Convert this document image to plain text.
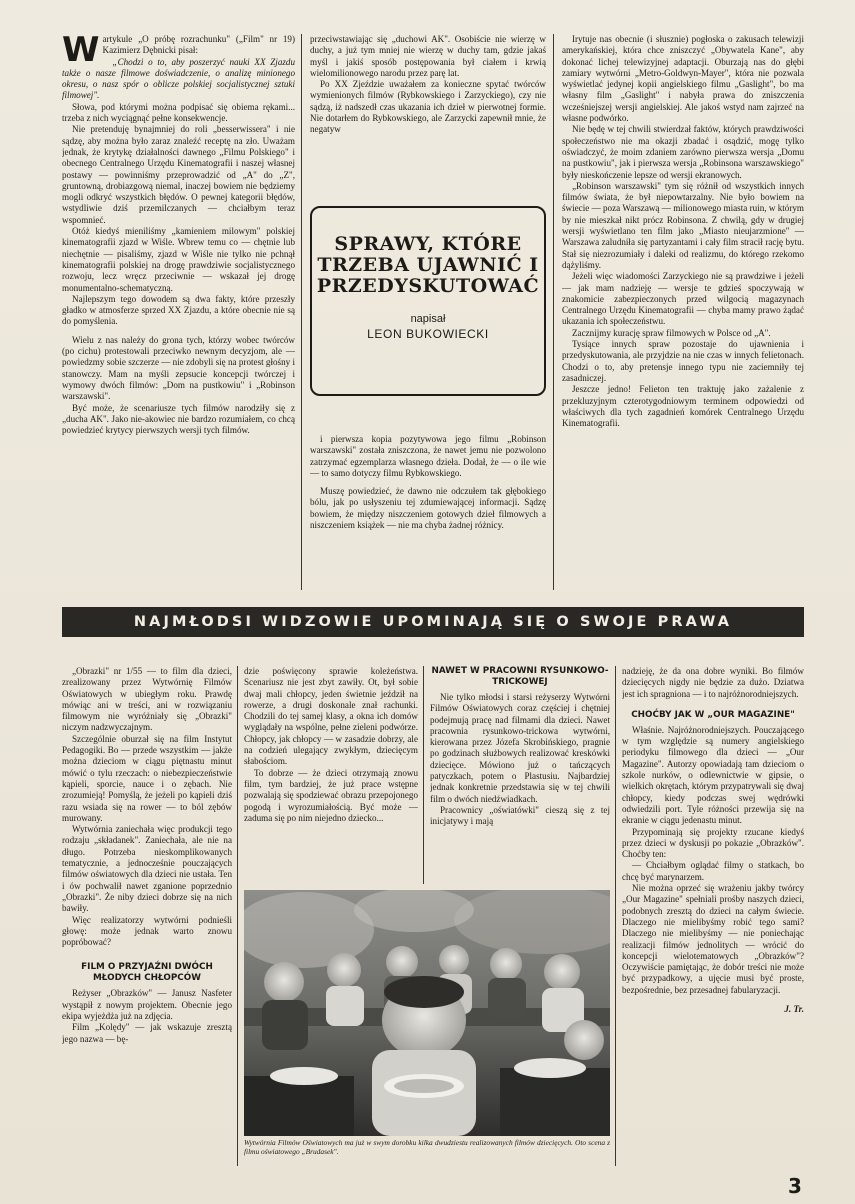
Wartykule „O próbę rozrachunku" („Film" nr 19) Kazimierz Dębnicki pisał:

„Chodzi o to, aby poszerzyć nauki XX Zjazdu także o nasze filmowe doświadczenie, o analizę minionego okresu, o nasz spór o oblicze polskiej socjalistycznej sztuki filmowej".

Słowa, pod którymi można podpisać się obiema rękami... trzeba z nich wyciągnąć pełne konsekwencje.

Nie pretenduję bynajmniej do roli „besserwissera" i nie sądzę, aby można było zaraz znaleźć receptę na zło. Uważam jednak, że krytykę działalności dawnego „Filmu Polskiego" i obecnego Centralnego Urzędu Kinematografii i naszej własnej postawy — powinniśmy przeprowadzić od „A" do „Z", gruntowną, drobiazgową niemal, inaczej bowiem nie będziemy mogli odkryć wszystkich błędów. O pewnej kategorii błędów, wstydliwie dziś przemilczanych — chciałbym teraz wspomnieć.

Otóż kiedyś mieniliśmy „kamieniem milowym" polskiej kinematografii zjazd w Wiśle. Wbrew temu co — chętnie lub niechętnie — pisaliśmy, zjazd w Wiśle nie tylko nie pchnął kinematografii polskiej na drogę prawdziwie socjalistycznego rozwoju, lecz wręcz przeciwnie — wskazał jej drogę monumentalno-schematyczną.

Najlepszym tego dowodem są dwa fakty, które przeszły gładko w atmosferze sprzed XX Zjazdu, a które obecnie nie są do pomyślenia.

Wielu z nas należy do grona tych, którzy wobec twórców (po cichu) protestowali przeciwko newnym decyzjom, ale — powiedzmy sobie szczerze — nie zdobyli się na protest głośny i stanowczy. Mam na myśli zepsucie koncepcji twórczej i wymowy dwóch filmów: „Dom na pustkowiu" i „Robinson warszawski".

Być może, że scenariusze tych filmów narodziły się z „ducha AK". Jako nie-akowiec nie bardzo rozumiałem, co chcą powiedzieć krytycy pierwszych wersji tych filmów.

przeciwstawiając się „duchowi AK". Osobiście nie wierzę w duchy, a już tym mniej nie wierzę w duchy tam, gdzie jakaś myśl i jakiś sposób postępowania był ciałem i krwią wielomilionowego narodu przez parę lat.

Po XX Zjeździe uważałem za konieczne spytać twórców wymienionych filmów (Rybkowskiego i Zarzyckiego), czy nie sądzą, iż nadszedł czas ukazania ich dzieł w pierwotnej formie. Nie dotarłem do Rybkowskiego, ale Zarzycki zapewnił mnie, że negatyw

SPRAWY, KTÓRE TRZEBA UJAWNIĆ I PRZEDYSKUTOWAĆ
napisał
LEON BUKOWIECKI

i pierwsza kopia pozytywowa jego filmu „Robinson warszawski" została zniszczona, że nawet jemu nie pozwolono zatrzymać egzemplarza własnego dzieła. Dodał, że — o ile wie — to samo dotyczy filmu Rybkowskiego.

Muszę powiedzieć, że dawno nie odczułem tak głębokiego bólu, jak po usłyszeniu tej zdumiewającej informacji. Sądzę bowiem, że między niszczeniem gotowych dzieł filmowych a niszczeniem książek — nie ma chyba żadnej różnicy.

Irytuje nas obecnie (i słusznie) pogłoska o zakusach telewizji amerykańskiej, która chce zniszczyć „Obywatela Kane", aby dokonać lichej telewizyjnej adaptacji. Oburzają nas do głębi zamiary wytwórni „Metro-Goldwyn-Mayer", która nie pozwala wyświetlać jedynej kopii angielskiego filmu „Gaslight", bo ma własny film „Gaslight" i nabyła prawa do zniszczenia wcześniejszej wersji angielskiej. Ale jakoś wstyd nam zajrzeć na własne podwórko.

Nie będę w tej chwili stwierdzał faktów, których prawdziwości społeczeństwo nie ma okazji zbadać i osądzić, mogę tylko oświadczyć, że moim zdaniem zarówno pierwsza wersja „Domu na pustkowiu", jak i pierwsza wersja „Robinsona warszawskiego" były nieskończenie lepsze od wersji ekranowych.

„Robinson warszawski" tym się różnił od wszystkich innych filmów świata, że był niepowtarzalny. Nie było bowiem na świecie — poza Warszawą — milionowego miasta ruin, w którym by nie mieszkał nikt prócz Robinsona. Z chwilą, gdy w drugiej wersji wyświetlano ten film jako „Miasto nieujarzmione" — Warszawa zaludniła się partyzantami i cały film stracił rację bytu. Stał się niezrozumiały i daleki od realizmu, do którego rzekomo dążyliśmy.

Jeżeli więc wiadomości Zarzyckiego nie są prawdziwe i jeżeli — jak mam nadzieję — wersje te gdzieś spoczywają w znakomicie zabezpieczonych przed wilgocią magazynach Centralnego Urzędu Kinematografii — chyba mamy prawo żądać ukazania ich społeczeństwu.

Zacznijmy kurację spraw filmowych w Polsce od „A".

Tysiące innych spraw pozostaje do ujawnienia i przedyskutowania, ale przyjdzie na nie czas w innych felietonach. Chodzi o to, aby pretensje innego typu nie zaciemniły tej zasadniczej.

Jeszcze jedno! Felieton ten traktuję jako zażalenie z przekluzyjnym czterotygodniowym terminem odpowiedzi od właściwych dla tych zagadnień komórek Centralnego Urzędu Kinematografii.

NAJMŁODSI WIDZOWIE UPOMINAJĄ SIĘ O SWOJE PRAWA

„Obrazki" nr 1/55 — to film dla dzieci, zrealizowany przez Wytwórnię Filmów Oświatowych w ubiegłym roku. Prawdę mówiąc ani w treści, ani w rozwiązaniu filmowym nie wyróżniały się „Obrazki" niczym nadzwyczajnym.

Szczególnie oburzał się na film Instytut Pedagogiki. Bo — przede wszystkim — jakże można dzieciom w ciągu piętnastu minut mówić o tylu rzeczach: o niebezpieczeństwie kąpieli, sporcie, nauce i o zębach. Nie zrozumieją! Pomyślą, że jeżeli po kąpieli dziś razu wsiada się na rower — to ból zębów murowany.

Wytwórnia zaniechała więc produkcji tego rodzaju „składanek". Zaniechała, ale nie na długo. Potrzeba nieskomplikowanych tematycznie, a jednocześnie pouczających filmów oświatowych dla dzieci nie ustała. Ten i ów pochwalił nawet zganione poprzednio „Obrazki". Że niby dzieci dobrze się na nich bawiły.

Więc realizatorzy wytwórni podnieśli głowę: może jednak warto znowu popróbować?

FILM O PRZYJAŹNI DWÓCH MŁODYCH CHŁOPCÓW

Reżyser „Obrazków" — Janusz Nasfeter wystąpił z nowym projektem. Obecnie jego ekipa wyjeżdża już na zdjęcia.

Film „Kolędy" — jak wskazuje zresztą jego nazwa — bę-

dzie poświęcony sprawie koleżeństwa. Scenariusz nie jest zbyt zawiły. Ot, był sobie dwaj mali chłopcy, jeden świetnie jeździł na rowerze, a drugi doskonale znał rachunki. Chodzili do tej samej klasy, a okna ich domów wyglądały na wspólne, pełne zieleni podwórze. Chłopcy, jak chłopcy — w zasadzie dobrzy, ale na codzień ulegający zwykłym, dziecięcym słabościom.

To dobrze — że dzieci otrzymają znowu film, tym bardziej, że już prace wstępne pozwalają się spodziewać obrazu przepojonego pogodą i wyrozumiałością. Być może — zaduma się po nim niejedno dziecko...

NAWET W PRACOWNI RYSUNKOWO-TRICKOWEJ

Nie tylko młodsi i starsi reżyserzy Wytwórni Filmów Oświatowych coraz częściej i chętniej podejmują pracę nad filmami dla dzieci. Nawet pracownia rysunkowo-trickowa wytwórni, kierowana przez Józefa Skrobińskiego, pragnie po godzinach służbowych realizować kreskówki dziecięce. Mówiono już o tańczących patyczkach, potem o Plastusiu. Najbardziej jednak konkretnie przedstawia się w tej chwili film o dwóch niedźwiadkach.

Pracownicy „oświatówki" cieszą się z tej inicjatywy i mają

Wytwórnia Filmów Oświatowych ma już w swym dorobku kilka dwudziestu realizowanych filmów dziecięcych. Oto scena z filmu oświatowego „Brudasek".

nadzieję, że da ona dobre wyniki. Bo filmów dziecięcych nigdy nie będzie za dużo. Dziatwa jest ich spragniona — i to najróżnorodniejszych.

CHOĆBY JAK W „OUR MAGAZINE"

Właśnie. Najróżnorodniejszych. Pouczającego w tym względzie są numery angielskiego periodyku filmowego dla dzieci — „Our Magazine". Autorzy opowiadają tam dzieciom o szkole nurków, o odlewnictwie w gipsie, o wielkich okrętach, którym przypatrywali się dwaj chłopcy, kiedy podczas swej wędrówki odwiedzili port. Tyle różności przewija się na ekranie w ciągu jedenastu minut.

Przypominają się projekty rzucane kiedyś przez dzieci w dyskusji po pokazie „Obrazków". Choćby ten:

— Chciałbym oglądać filmy o statkach, bo chcę być marynarzem.

Nie można oprzeć się wrażeniu jakby twórcy „Our Magazine" spełniali prośby naszych dzieci, podobnych zresztą do dzieci na całym świecie. Dlaczego nie mielibyśmy robić tego sami? Dlaczego nie mielibyśmy — nie poniechając realizacji filmów jednolitych — wrócić do koncepcji wielotematowych „Obrazków"? Oczywiście pamiętając, że dobór treści nie może być przypadkowy, a ujęcie musi być proste, bezpośrednie, bez przesadnej fabularyzacji.

J. Tr.

3
